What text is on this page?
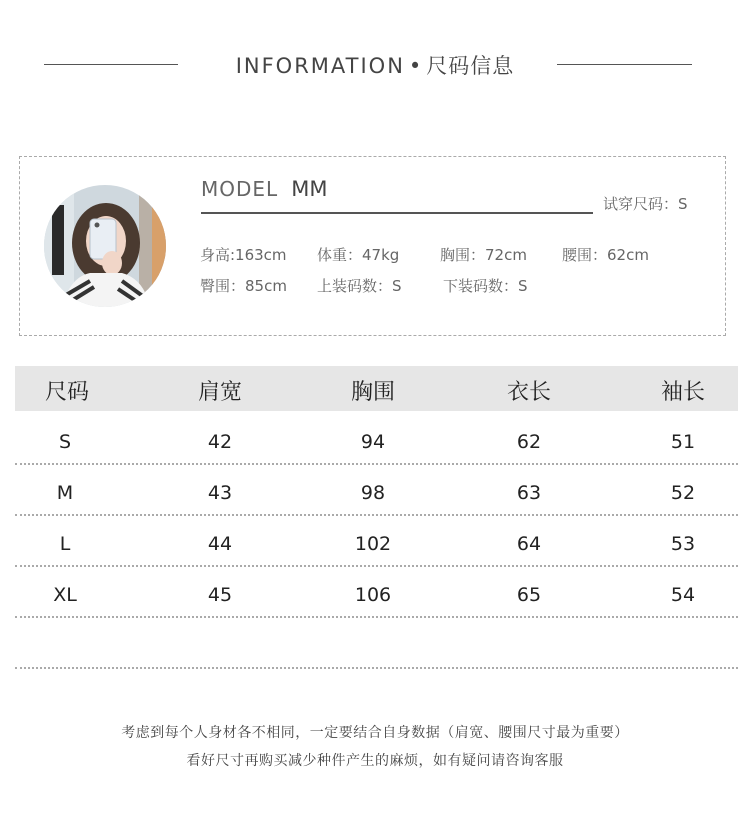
INFORMATION • 尺码信息
MODEL MM
试穿尺码：S
身高:163cm 体重：47kg	胸围：72cm 腰围：62cm
臀围：85cm 上装码数：S	下装码数：S
尺码	肩宽	胸围	衣长	袖长
S	42	94	62	51
M	43	98	63	52
L	44	102	64	53
XL	45	106	65	54
考虑到每个人身材各不相同，一定要结合自身数据（肩宽、腰围尺寸最为重要）
看好尺寸再购买减少种件产生的麻烦，如有疑问请咨询客服
